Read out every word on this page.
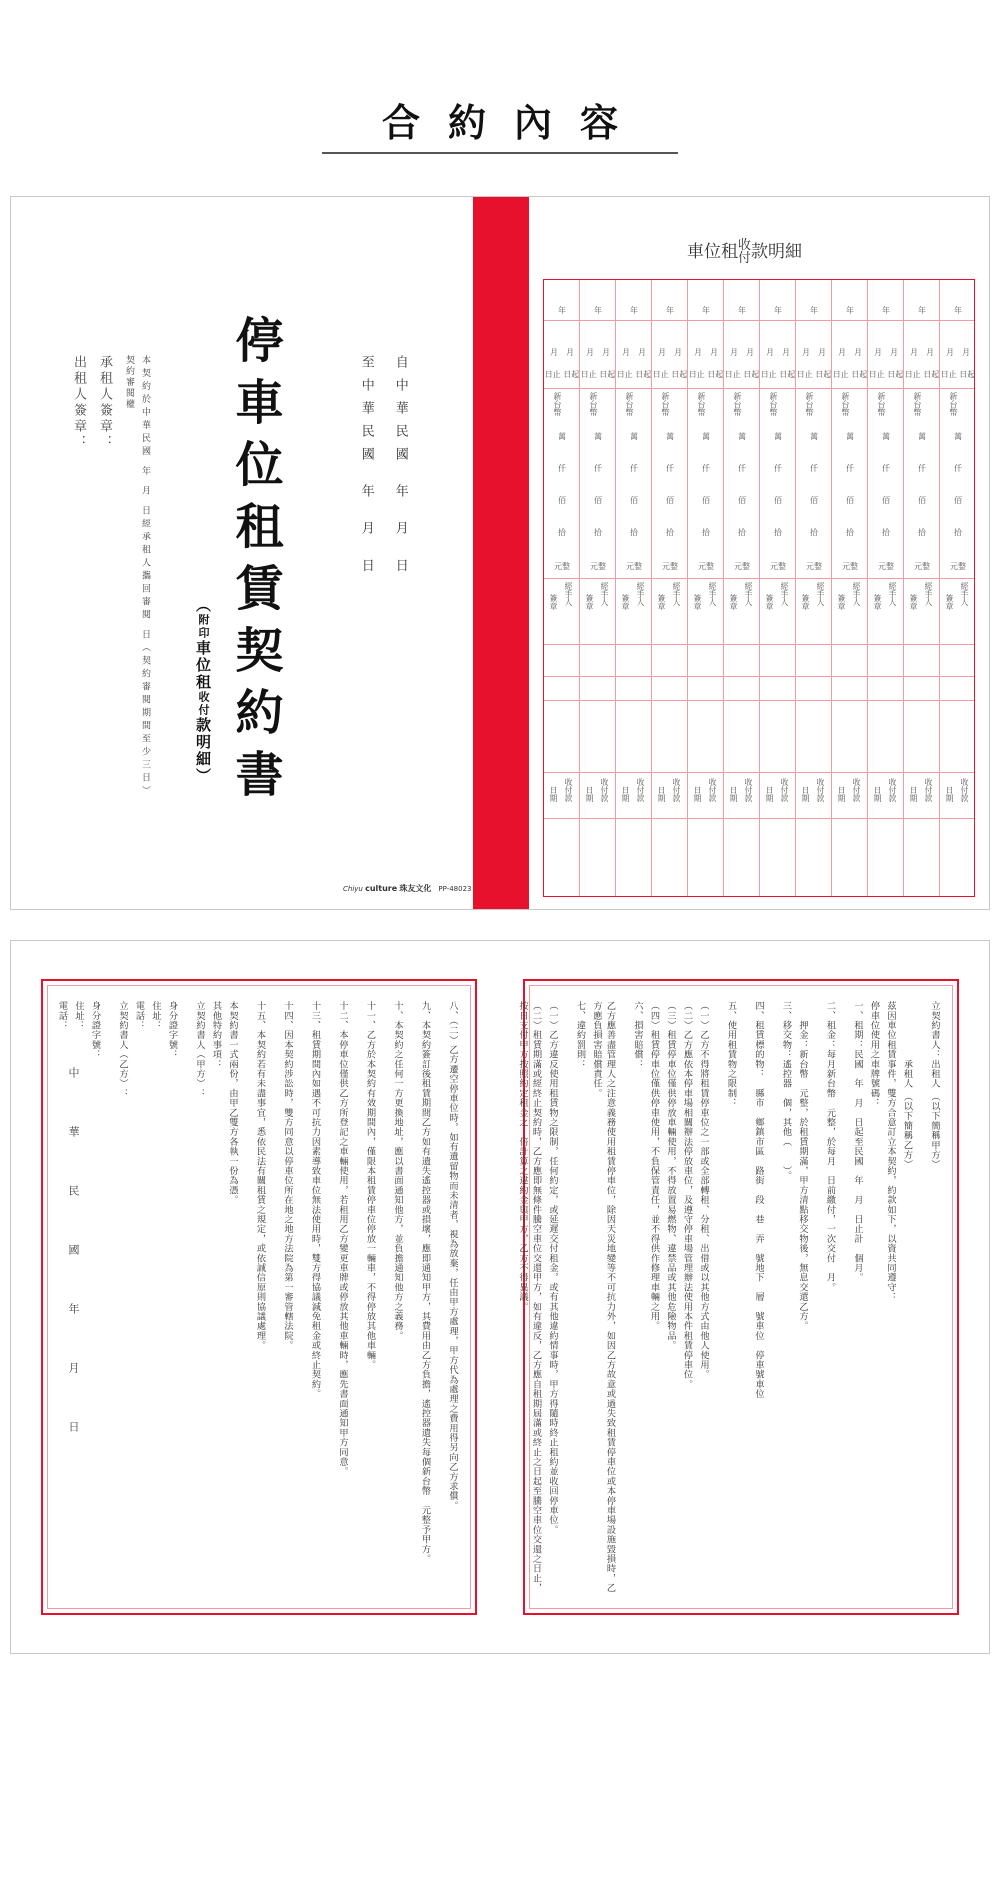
合約內容
出租人簽章： 承租人簽章： 契約審閱權 本契約於中華民國 年 月 日經承租人攜回審閱 日（契約審閱期間至少三日） 停車位租賃契約書
（附印車位租收付款明細）
至中華民國 年 月 日 自中華民國 年 月 日
Chiyu culture 珠友文化　 PP-48023
車位租收
付款明細
年
月　月
日止 日起
新台幣
萬
仟
佰
拾
元整
經手人
簽章
收付款
日期
年
月　月
日止 日起
新台幣
萬
仟
佰
拾
元整
經手人
簽章
收付款
日期
年
月　月
日止 日起
新台幣
萬
仟
佰
拾
元整
經手人
簽章
收付款
日期
年
月　月
日止 日起
新台幣
萬
仟
佰
拾
元整
經手人
簽章
收付款
日期
年
月　月
日止 日起
新台幣
萬
仟
佰
拾
元整
經手人
簽章
收付款
日期
年
月　月
日止 日起
新台幣
萬
仟
佰
拾
元整
經手人
簽章
收付款
日期
年
月　月
日止 日起
新台幣
萬
仟
佰
拾
元整
經手人
簽章
收付款
日期
年
月　月
日止 日起
新台幣
萬
仟
佰
拾
元整
經手人
簽章
收付款
日期
年
月　月
日止 日起
新台幣
萬
仟
佰
拾
元整
經手人
簽章
收付款
日期
年
月　月
日止 日起
新台幣
萬
仟
佰
拾
元整
經手人
簽章
收付款
日期
年
月　月
日止 日起
新台幣
萬
仟
佰
拾
元整
經手人
簽章
收付款
日期
年
月　月
日止 日起
新台幣
萬
仟
佰
拾
元整
經手人
簽章
收付款
日期
八、（二）乙方遷空停車位時，如有遺留物而未清者，視為放棄，任由甲方處理，甲方代為處理之費用得另向乙方求償。
九、本契約簽訂後租賃期間乙方如有遺失遙控器或損壞，應即通知甲方，其費用由乙方負擔，遙控器遺失每個新台幣　元整予甲方。
十、本契約之任何一方更換地址，應以書面通知他方，並負擔通知他方之義務。
十一、乙方於本契約有效期間內，僅限本租賃停車位停放一輛車，不得停放其他車輛。
十二、本停車位僅供乙方所登記之車輛使用，若租用乙方變更車牌或停放其他車輛時，應先書面通知甲方同意。
十三、租賃期間內如遇不可抗力因素導致車位無法使用時，雙方得協議減免租金或終止契約。
十四、因本契約涉訟時，雙方同意以停車位所在地之地方法院為第一審管轄法院。
十五、本契約若有未盡事宜，悉依民法有關租賃之規定，或依誠信原則協議處理。
本契約書一式兩份，由甲乙雙方各執一份為憑。
其他特約事項：
立契約書人（甲方）：
身分證字號：
住址：
電話：
立契約書人（乙方）：
身分證字號：
住址：
電話：
中華民國年月日
立契約書人：出租人 （以下簡稱甲方）
　　　　　　承租人 （以下簡稱乙方）
茲因車位租賃事件，雙方合意訂立本契約，約款如下，以資共同遵守：
停車位使用之車牌號碼：
一、租期：民國　年　月　日起至民國　年　月　日止計　個月。
二、租金：每月新台幣　元整，於每月　日前繳付，一次交付　月。
　　押金：新台幣　元整，於租賃期滿，甲方清點移交物後，無息交還乙方。
三、移交物：遙控器　個，其他（　　）。
四、租賃標的物：　縣市　鄉鎮市區　路街　段　巷　弄　號地下　層　號車位　停車號車位
五、使用租賃物之限制：
（一）乙方不得將租賃停車位之一部或全部轉租、分租、出借或以其他方式由他人使用。
（二）乙方應依本停車場相關辦法停放車位，及遵守停車場管理辦法使用本件租賃停車位。
（三）租賃停車位僅供停放車輛使用，不得放置易燃物、違禁品或其他危險物品。
（四）租賃停車位僅供停車使用，不負保管責任，並不得供作修理車輛之用。
六、損害賠償：
乙方應善盡管理人之注意義務使用租賃停車位，除因天災地變等不可抗力外，如因乙方故意或過失致租賃停車位或本停車場設施毀損時，乙方應負損害賠償責任。
七、違約罰則：
（一）乙方違反使用租賃物之限制，任何約定，或延遲交付租金，或有其他違約情事時，甲方得隨時終止租約並收回停車位。
（二）租賃期滿或經終止契約時，乙方應即無條件騰空車位交還甲方，如有違反，乙方應自租期屆滿或終止之日起至騰空車位交還之日止，按日支付甲方按照約定租金之　倍計算之違約金與甲方，乙方不得異議。
